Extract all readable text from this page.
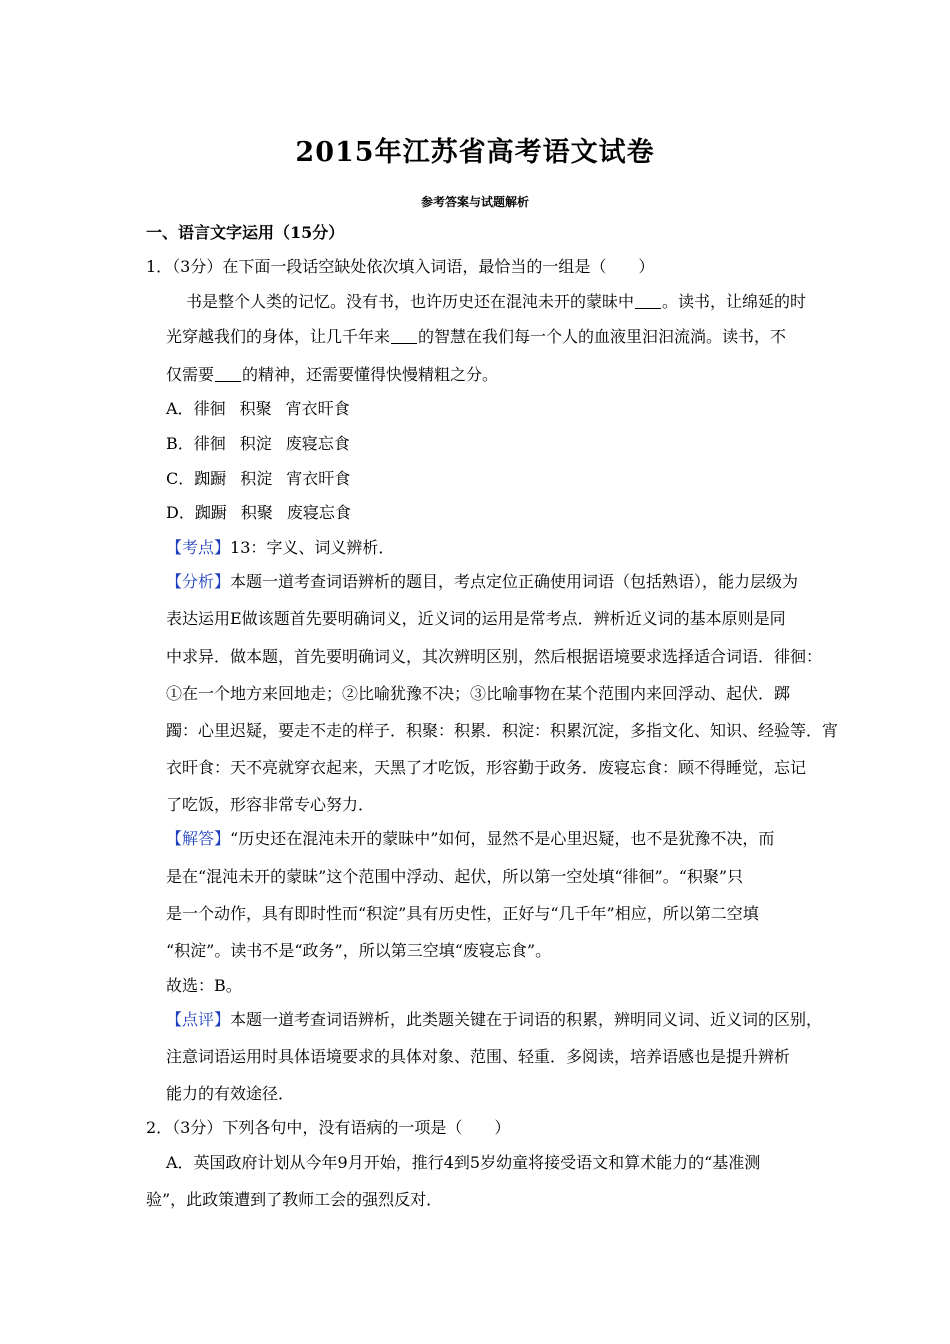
2015年江苏省高考语文试卷
参考答案与试题解析
一、语言文字运用（15分）
1．（3分）在下面一段话空缺处依次填入词语，最恰当的一组是（　　）
书是整个人类的记忆。没有书，也许历史还在混沌未开的蒙昧中 。读书，让绵延的时
光穿越我们的身体，让几千年来 的智慧在我们每一个人的血液里汩汩流淌。读书，不
仅需要 的精神，还需要懂得快慢精粗之分。
A．徘徊 积聚 宵衣旰食
B．徘徊 积淀 废寝忘食
C．踟蹰 积淀 宵衣旰食
D．踟蹰 积聚 废寝忘食
【考点】13：字义、词义辨析．
【分析】本题一道考查词语辨析的题目，考点定位正确使用词语（包括熟语），能力层级为
表达运用E做该题首先要明确词义，近义词的运用是常考点．辨析近义词的基本原则是同
中求异．做本题，首先要明确词义，其次辨明区别，然后根据语境要求选择适合词语．徘徊：
①在一个地方来回地走；②比喻犹豫不决；③比喻事物在某个范围内来回浮动、起伏．踯
躅：心里迟疑，要走不走的样子．积聚：积累．积淀：积累沉淀，多指文化、知识、经验等．宵
衣旰食：天不亮就穿衣起来，天黑了才吃饭，形容勤于政务．废寝忘食：顾不得睡觉，忘记
了吃饭，形容非常专心努力．
【解答】“历史还在混沌未开的蒙昧中”如何，显然不是心里迟疑，也不是犹豫不决，而
是在“混沌未开的蒙昧”这个范围中浮动、起伏，所以第一空处填“徘徊”。“积聚”只
是一个动作，具有即时性而“积淀”具有历史性，正好与“几千年”相应，所以第二空填
“积淀”。读书不是“政务”，所以第三空填“废寝忘食”。
故选：B。
【点评】本题一道考查词语辨析，此类题关键在于词语的积累，辨明同义词、近义词的区别，
注意词语运用时具体语境要求的具体对象、范围、轻重．多阅读，培养语感也是提升辨析
能力的有效途径．
2．（3分）下列各句中，没有语病的一项是（　　）
A．英国政府计划从今年9月开始，推行4到5岁幼童将接受语文和算术能力的“基准测
验”，此政策遭到了教师工会的强烈反对．
